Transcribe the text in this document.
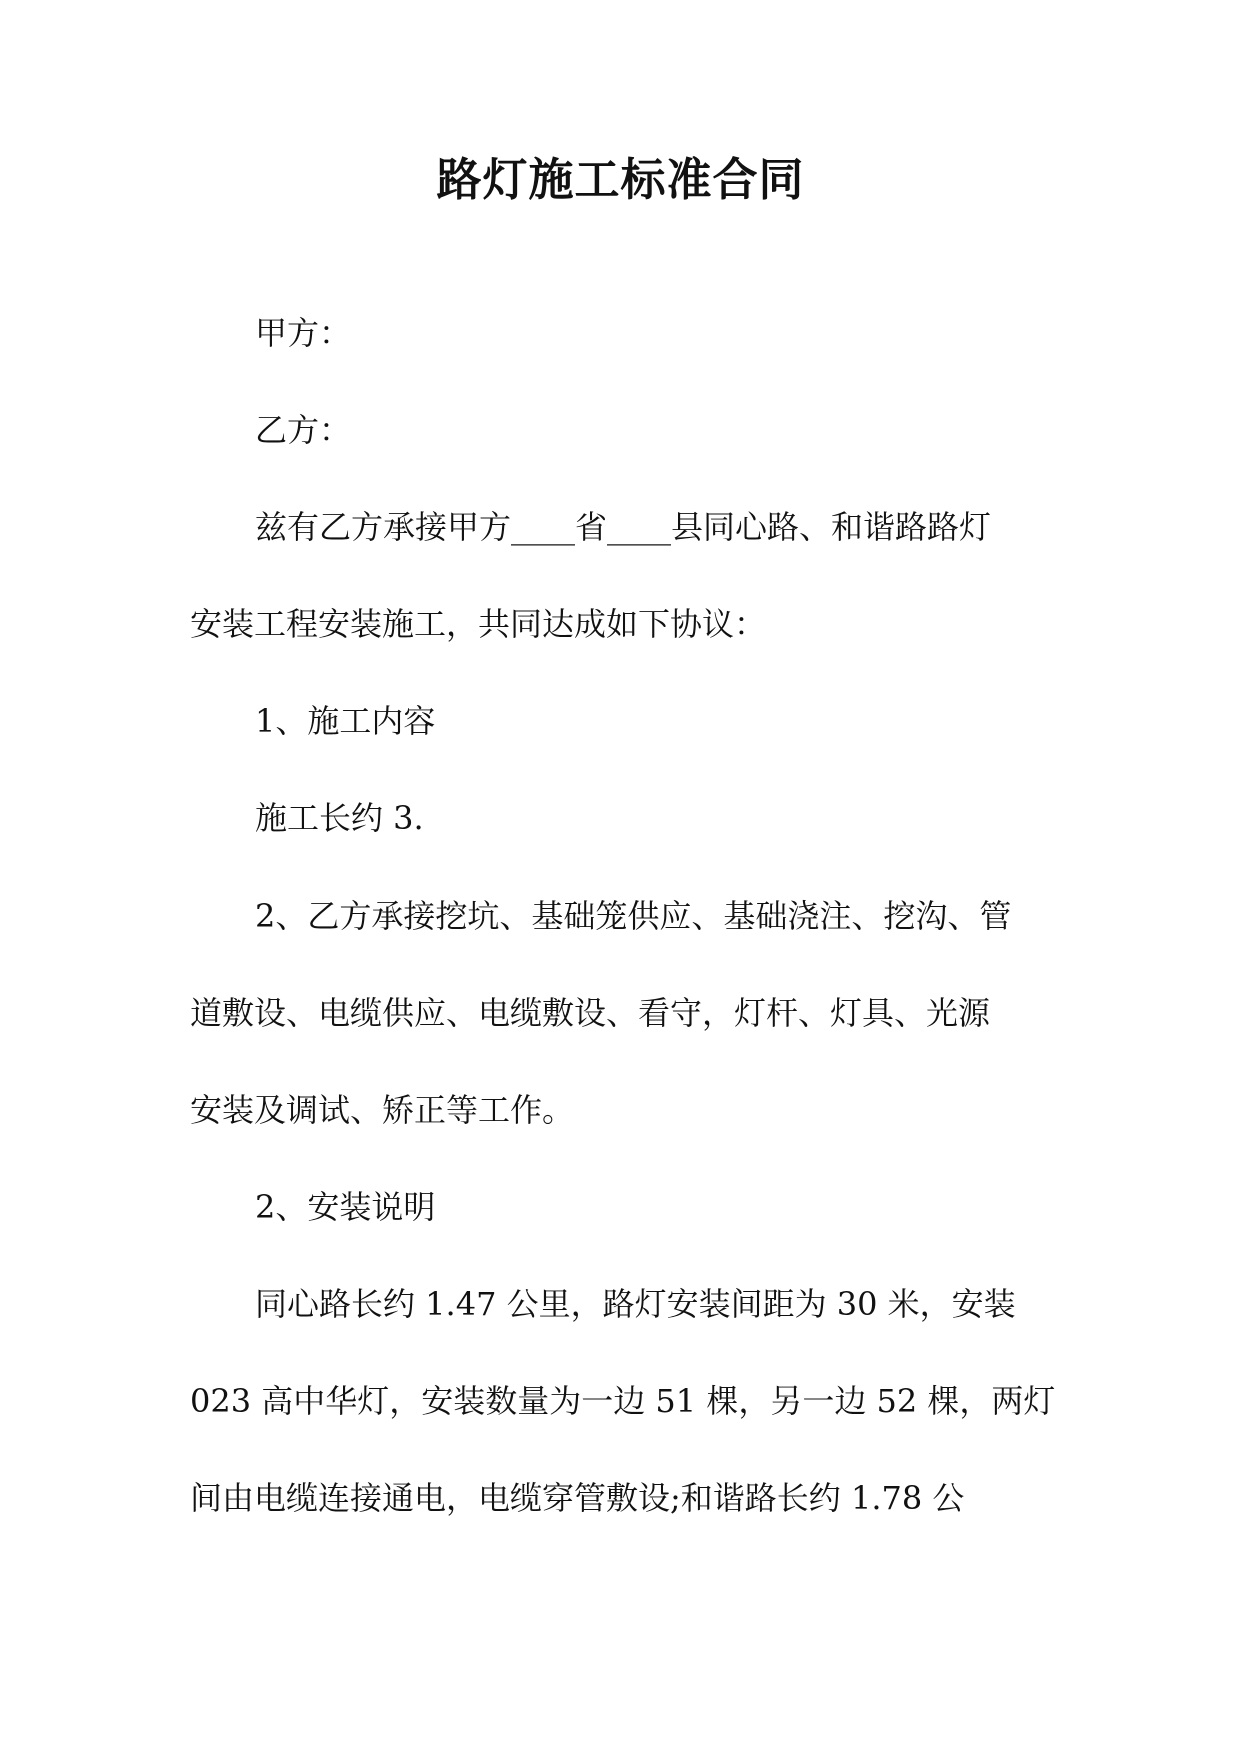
路灯施工标准合同
甲方：
乙方：
兹有乙方承接甲方____省____县同心路、和谐路路灯
安装工程安装施工，共同达成如下协议：
1、施工内容
施工长约 3.
2、乙方承接挖坑、基础笼供应、基础浇注、挖沟、管
道敷设、电缆供应、电缆敷设、看守，灯杆、灯具、光源
安装及调试、矫正等工作。
2、安装说明
同心路长约 1.47 公里，路灯安装间距为 30 米，安装
023 高中华灯，安装数量为一边 51 棵，另一边 52 棵，两灯
间由电缆连接通电，电缆穿管敷设;和谐路长约 1.78 公
